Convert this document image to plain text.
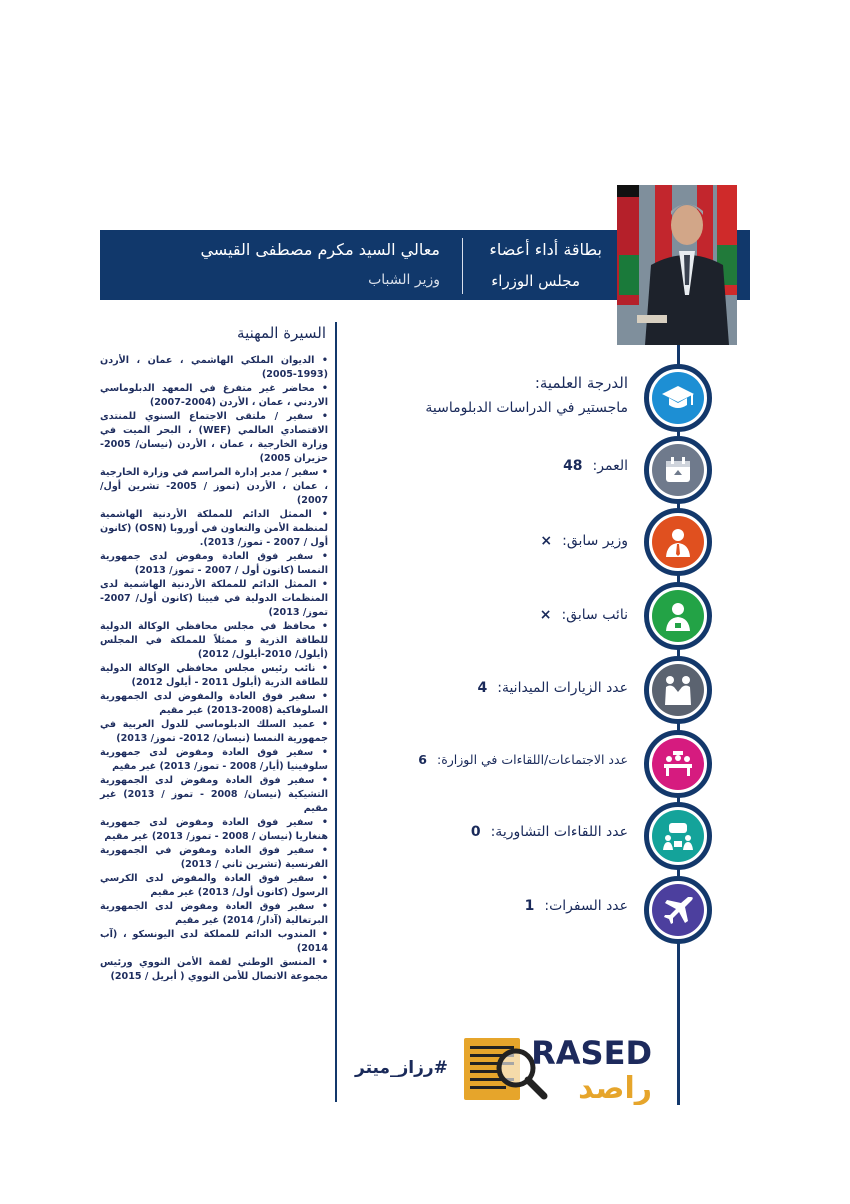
بطاقة أداء أعضاء
مجلس الوزراء
معالي السيد مكرم مصطفى القيسي
وزير الشباب
الدرجة العلمية:
ماجستير في الدراسات الدبلوماسية
العمر:48
وزير سابق:×
نائب سابق:×
عدد الزيارات الميدانية:4
عدد الاجتماعات/اللقاءات في الوزارة:6
عدد اللقاءات التشاورية:0
عدد السفرات:1
السيرة المهنية
• الديوان الملكي الهاشمي ، عمان ، الأردن (1993-2005)
• محاضر غير متفرغ في المعهد الدبلوماسي الاردني ، عمان ، الأردن (2004-2007)
• سفير / ملتقى الاجتماع السنوي للمنتدى الاقتصادي العالمي (WEF) ، البحر الميت في وزارة الخارجية ، عمان ، الأردن (نيسان/ 2005- حزيران 2005)
• سفير / مدير إدارة المراسم في وزارة الخارجية ، عمان ، الأردن (تموز / 2005- تشرين أول/ 2007)
• الممثل الدائم للمملكة الأردنية الهاشمية لمنظمة الأمن والتعاون في أوروبا (OSN) (كانون أول / 2007 - تموز/ 2013).
• سفير فوق العادة ومفوض لدى جمهورية النمسا (كانون أول / 2007 - تموز/ 2013)
• الممثل الدائم للمملكة الأردنية الهاشمية لدى المنظمات الدولية في فيينا (كانون أول/ 2007-تموز/ 2013)
• محافظ في مجلس محافظي الوكالة الدولية للطاقة الذرية و ممثلاً للمملكة في المجلس (أيلول/ 2010-أيلول/ 2012)
• نائب رئيس مجلس محافظي الوكالة الدولية للطاقة الذرية (أيلول 2011 - أيلول 2012)
• سفير فوق العادة والمفوض لدى الجمهورية السلوفاكية (2008-2013) غير مقيم
• عميد السلك الدبلوماسي للدول العربية في جمهورية النمسا (نيسان/ 2012- تموز/ 2013)
• سفير فوق العادة ومفوض لدى جمهورية سلوفينيا (أيار/ 2008 - تموز/ 2013) غير مقيم
• سفير فوق العادة ومفوض لدى الجمهورية التشيكية (نيسان/ 2008 - تموز / 2013) غير مقيم
• سفير فوق العادة ومفوض لدى جمهورية هنغاريا (نيسان / 2008 - تموز/ 2013) غير مقيم
• سفير فوق العادة ومفوض في الجمهورية الفرنسية (تشرين ثاني / 2013)
• سفير فوق العادة والمفوض لدى الكرسي الرسول (كانون أول/ 2013) غير مقيم
• سفير فوق العادة ومفوض لدى الجمهورية البرتغالية (آذار/ 2014) غير مقيم
• المندوب الدائم للمملكة لدى اليونسكو ، (آب 2014)
• المنسق الوطني لقمة الأمن النووي ورئيس مجموعة الاتصال للأمن النووي ( أبريل / 2015)
#رزاز_ميتر	RASED
راصد
